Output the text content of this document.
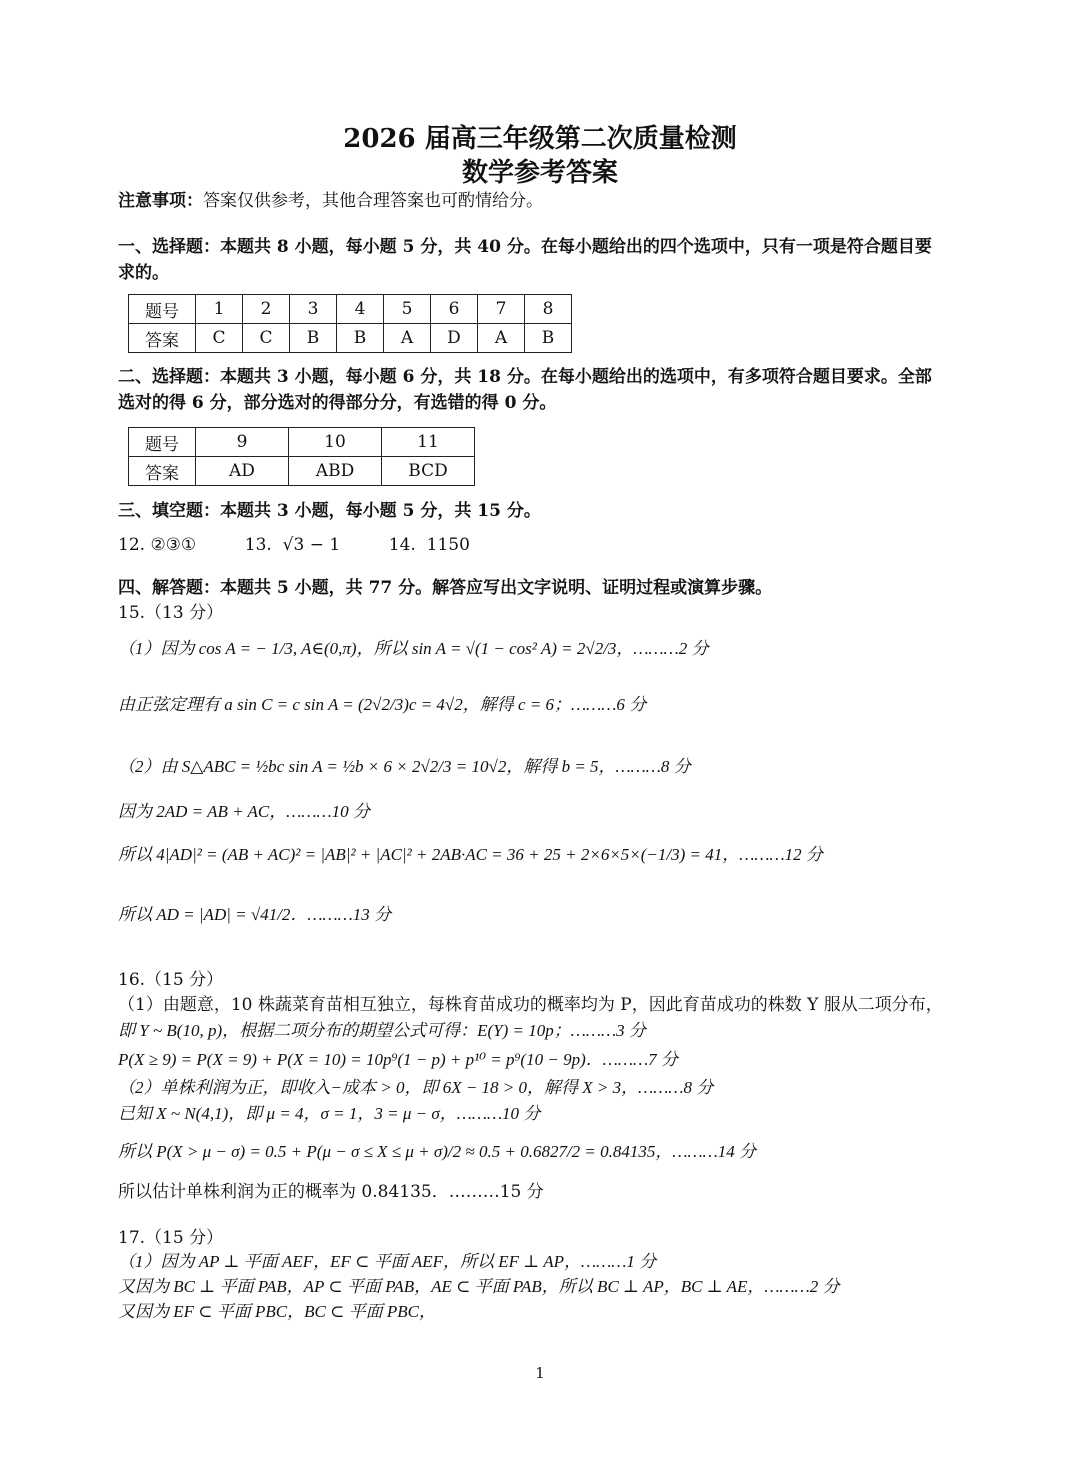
2026 届高三年级第二次质量检测
数学参考答案
注意事项：答案仅供参考，其他合理答案也可酌情给分。
一、选择题：本题共 8 小题，每小题 5 分，共 40 分。在每小题给出的四个选项中，只有一项是符合题目要
求的。
题号	1	2	3	4	5	6	7	8
答案	C	C	B	B	A	D	A	B
二、选择题：本题共 3 小题，每小题 6 分，共 18 分。在每小题给出的选项中，有多项符合题目要求。全部
选对的得 6 分，部分选对的得部分分，有选错的得 0 分。
题号	9	10	11
答案	AD	ABD	BCD
三、填空题：本题共 3 小题，每小题 5 分，共 15 分。
12. ②③①         13.  √3 − 1         14.  1150
四、解答题：本题共 5 小题，共 77 分。解答应写出文字说明、证明过程或演算步骤。
15.（13 分）
（1）因为 cos A = − 1/3, A∈(0,π)，所以 sin A = √(1 − cos² A) = 2√2/3，………2 分
由正弦定理有 a sin C = c sin A = (2√2/3)c = 4√2，解得 c = 6；………6 分
（2）由 S△ABC = ½bc sin A = ½b × 6 × 2√2/3 = 10√2，解得 b = 5，………8 分
因为 2AD = AB + AC，………10 分
所以 4|AD|² = (AB + AC)² = |AB|² + |AC|² + 2AB·AC = 36 + 25 + 2×6×5×(−1/3) = 41，………12 分
所以 AD = |AD| = √41/2．………13 分
16.（15 分）
（1）由题意，10 株蔬菜育苗相互独立，每株育苗成功的概率均为 P，因此育苗成功的株数 Y 服从二项分布，
即 Y ~ B(10, p)，根据二项分布的期望公式可得：E(Y) = 10p；………3 分
P(X ≥ 9) = P(X = 9) + P(X = 10) = 10p⁹(1 − p) + p¹⁰ = p⁹(10 − 9p)．………7 分
（2）单株利润为正，即收入−成本 > 0，即 6X − 18 > 0，解得 X > 3，………8 分
已知 X ~ N(4,1)，即 μ = 4，σ = 1，3 = μ − σ，………10 分
所以 P(X > μ − σ) = 0.5 + P(μ − σ ≤ X ≤ μ + σ)/2 ≈ 0.5 + 0.6827/2 = 0.84135，………14 分
所以估计单株利润为正的概率为 0.84135．………15 分
17.（15 分）
（1）因为 AP ⊥ 平面 AEF，EF ⊂ 平面 AEF，所以 EF ⊥ AP，………1 分
又因为 BC ⊥ 平面 PAB，AP ⊂ 平面 PAB，AE ⊂ 平面 PAB，所以 BC ⊥ AP，BC ⊥ AE，………2 分
又因为 EF ⊂ 平面 PBC，BC ⊂ 平面 PBC，
1
